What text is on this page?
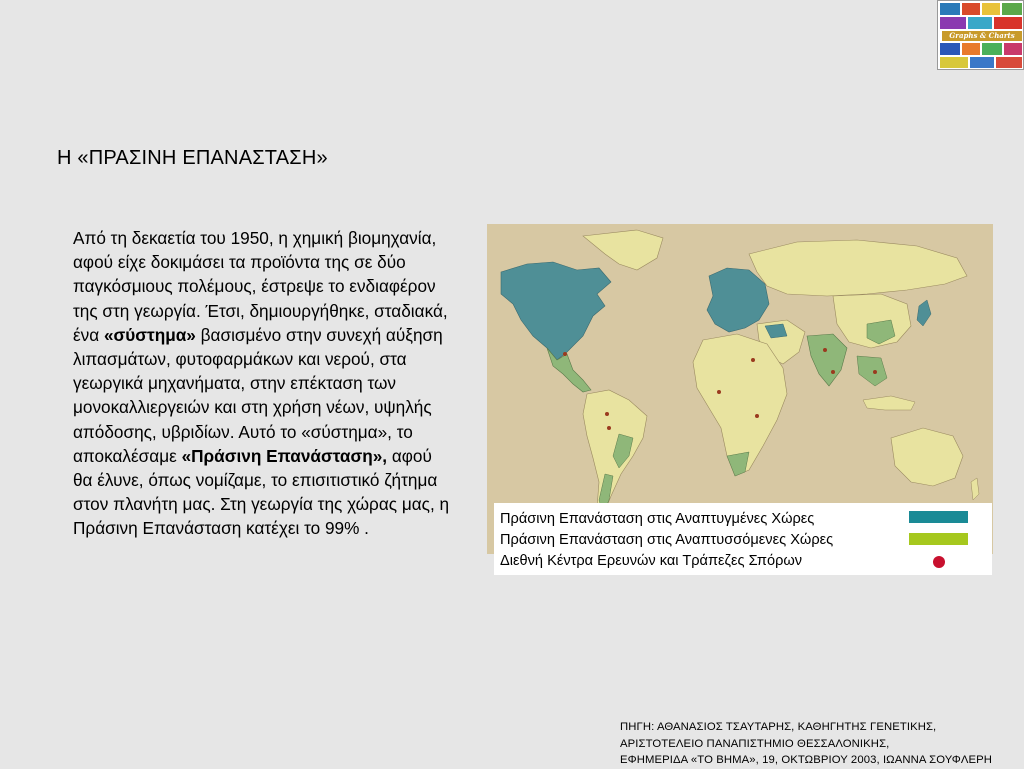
Graphs & Charts
Η «ΠΡΑΣΙΝΗ ΕΠΑΝΑΣΤΑΣΗ»
Από τη δεκαετία του 1950, η χημική βιομηχανία, αφού είχε δοκιμάσει τα προϊόντα της σε δύο παγκόσμιους πολέμους, έστρεψε το ενδιαφέρον της στη γεωργία. Έτσι, δημιουργήθηκε, σταδιακά, ένα «σύστημα» βασισμένο στην συνεχή αύξηση λιπασμάτων, φυτοφαρμάκων και νερού, στα γεωργικά μηχανήματα, στην επέκταση των μονοκαλλιεργειών και στη χρήση νέων, υψηλής απόδοσης, υβριδίων. Αυτό το «σύστημα», το αποκαλέσαμε «Πράσινη Επανάσταση», αφού θα έλυνε, όπως νομίζαμε, το επισιτιστικό ζήτημα στον πλανήτη μας. Στη γεωργία της χώρας μας, η Πράσινη Επανάσταση κατέχει το 99% .	Πράσινη Επανάσταση στις Αναπτυγμένες Χώρες
Πράσινη Επανάσταση στις Αναπτυσσόμενες Χώρες
Διεθνή Κέντρα Ερευνών και Τράπεζες Σπόρων
ΠΗΓΗ: ΑΘΑΝΑΣΙΟΣ ΤΣΑΥΤΑΡΗΣ, ΚΑΘΗΓΗΤΗΣ ΓΕΝΕΤΙΚΗΣ,
ΑΡΙΣΤΟΤΕΛΕΙΟ ΠΑΝΑΠΙΣΤΗΜΙΟ ΘΕΣΣΑΛΟΝΙΚΗΣ,
ΕΦΗΜΕΡΙΔΑ «ΤΟ ΒΗΜΑ», 19, ΟΚΤΩΒΡΙΟΥ 2003, ΙΩΑΝΝΑ ΣΟΥΦΛΕΡΗ
